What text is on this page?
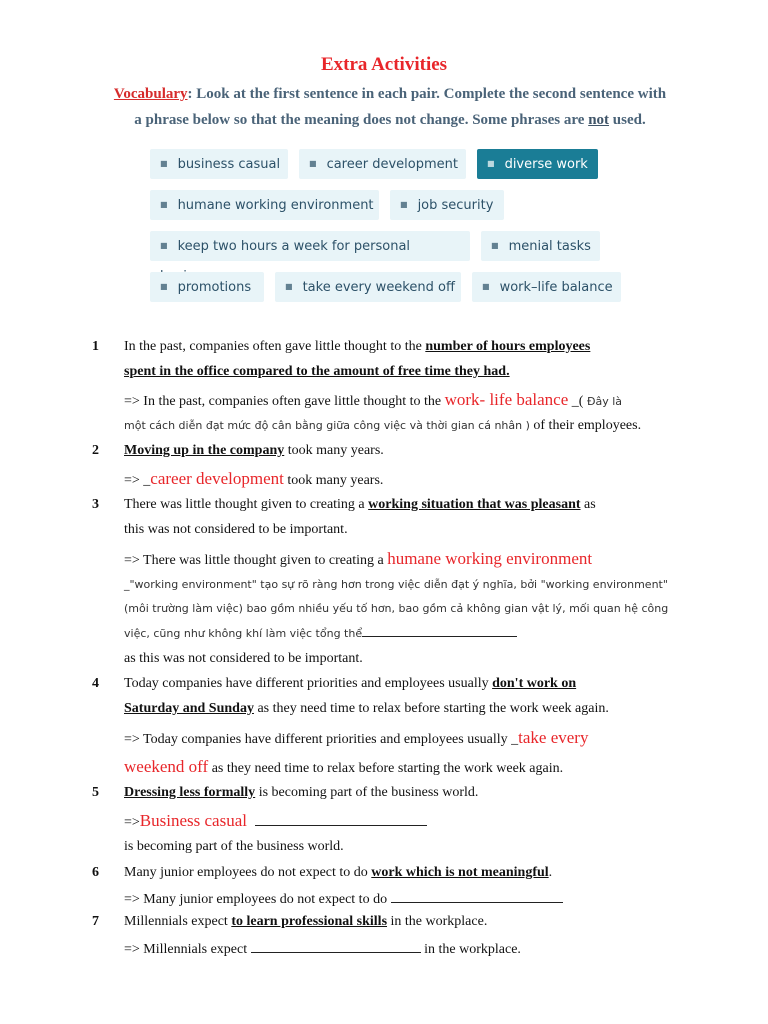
Extra Activities
Vocabulary: Look at the first sentence in each pair. Complete the second sentence with
a phrase below so that the meaning does not change. Some phrases are not used.
■ business casual	■ career development	■ diverse work
■ humane working environment	■ job security
■ keep two hours a week for personal	■ menial tasks
■ promotions	■ take every weekend off	■ work–life balance
1 In the past, companies often gave little thought to the number of hours employees
spent in the office compared to the amount of free time they had.
=> In the past, companies often gave little thought to the work- life balance _( Đây là
một cách diễn đạt mức độ cân bằng giữa công việc và thời gian cá nhân ) of their employees.
2 Moving up in the company took many years.
=> _career development took many years.
3 There was little thought given to creating a working situation that was pleasant as
this was not considered to be important.
=> There was little thought given to creating a humane working environment
_"working environment" tạo sự rõ ràng hơn trong việc diễn đạt ý nghĩa, bởi "working environment"
(môi trường làm việc) bao gồm nhiều yếu tố hơn, bao gồm cả không gian vật lý, mối quan hệ công
việc, cũng như không khí làm việc tổng thể
as this was not considered to be important.
4 Today companies have different priorities and employees usually don't work on
Saturday and Sunday as they need time to relax before starting the work week again.
=> Today companies have different priorities and employees usually _take every
weekend off as they need time to relax before starting the work week again.
5 Dressing less formally is becoming part of the business world.
=>Business casual
is becoming part of the business world.
6 Many junior employees do not expect to do work which is not meaningful.
=> Many junior employees do not expect to do
7 Millennials expect to learn professional skills in the workplace.
=> Millennials expect	in the workplace.
